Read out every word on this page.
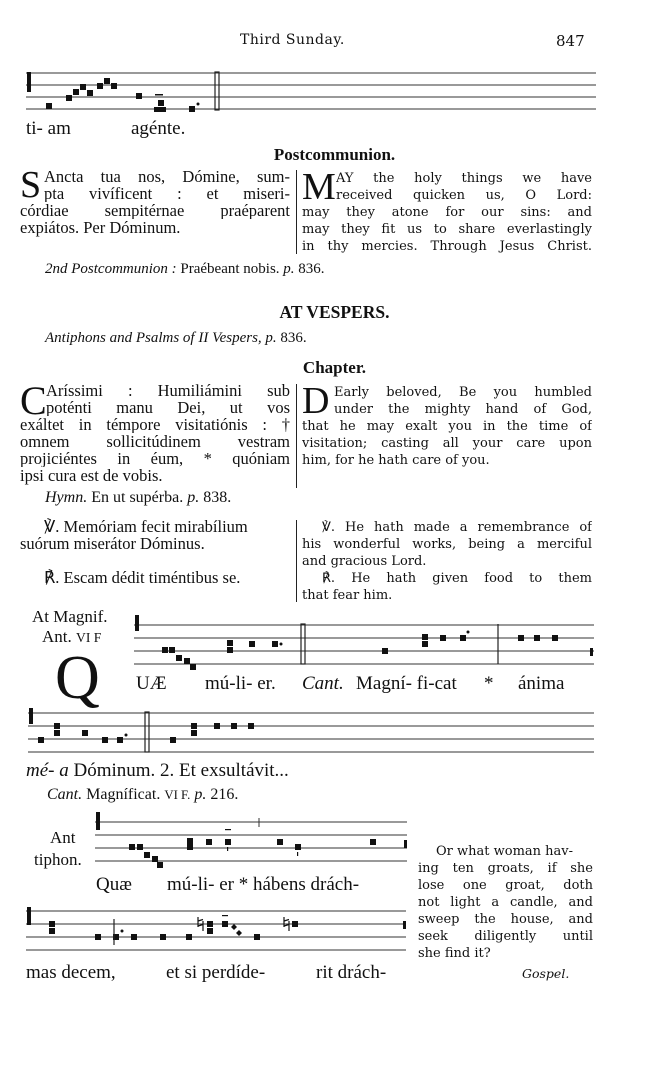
Third Sunday.	847
ti- am	agénte.
Postcommunion.
S Ancta tua nos, Dómine, sum-
pta vivíficent : et miseri-
córdiae sempitérnae praéparent
expiátos. Per Dóminum.
M AY the holy things we have
received quicken us, O Lord:
may they atone for our sins: and
may they fit us to share everlastingly
in thy mercies. Through Jesus Christ.
2nd Postcommunion : Praébeant nobis. p. 836.
AT VESPERS.
Antiphons and Psalms of II Vespers, p. 836.
Chapter.
C Aríssimi : Humiliámini sub
poténti manu Dei, ut vos
exáltet in témpore visitatiónis : †
omnem sollicitúdinem vestram
projiciéntes in éum, * quóniam
ipsi cura est de vobis.
D Early beloved, Be you humbled
under the mighty hand of God,
that he may exalt you in the time of
visitation; casting all your care upon
him, for he hath care of you.
Hymn. En ut supérba. p. 838.
℣. Memóriam fecit mirabílium
suórum miserátor Dóminus.
℟. Escam dédit timéntibus se.
℣. He hath made a remembrance of
his wonderful works, being a merciful
and gracious Lord.
℟. He hath given food to them
that fear him.
At Magnif.
Ant. VI F
Q UÆ mú-li- er. Cant. Magní- fi-cat * ánima
mé- a Dóminum. 2. Et exsultávit...
Cant. Magníficat. VI F. p. 216.
Ant
tiphon.
Quæ mú-li- er * hábens drách-
mas decem,	et si perdíde-	rit drách-
Or what woman hav-
ing ten groats, if she
lose one groat, doth
not light a candle, and
sweep the house, and
seek diligently until
she find it?
Gospel.
